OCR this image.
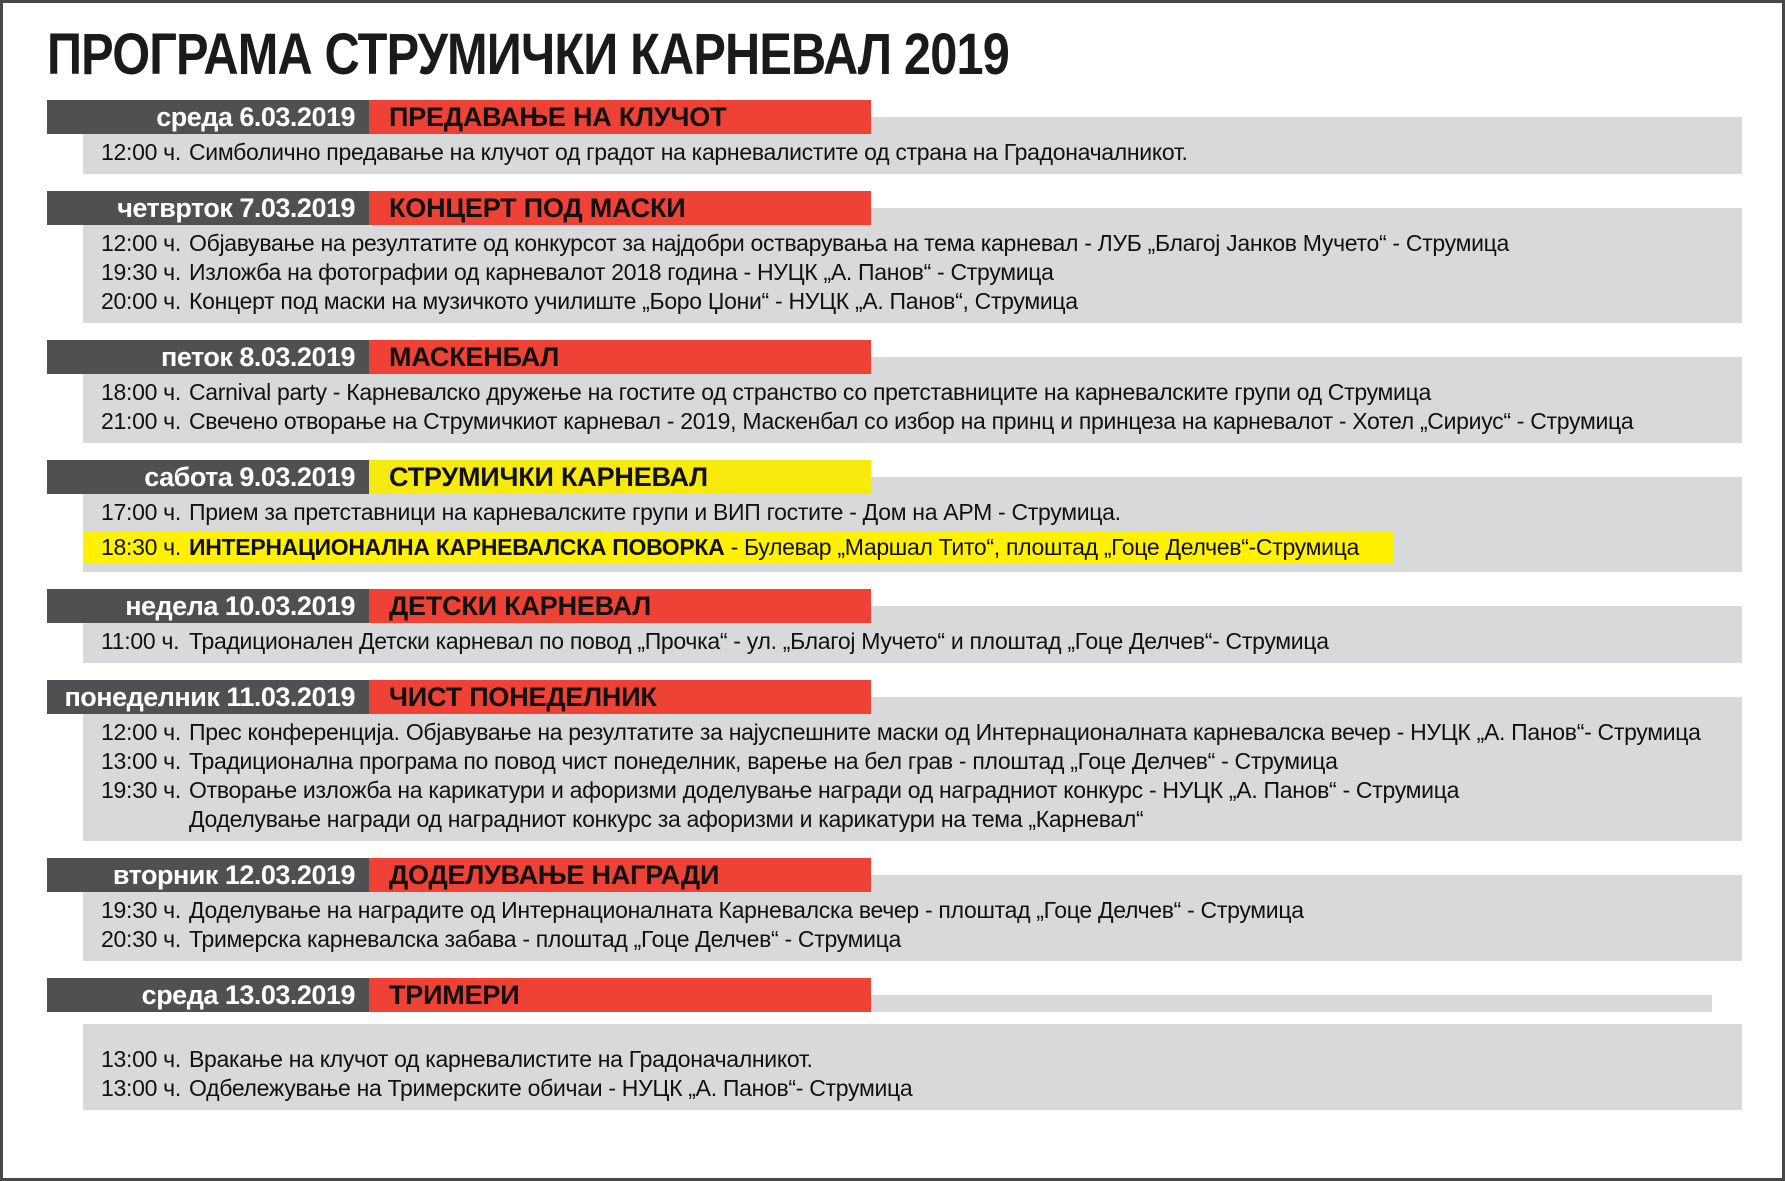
ПРОГРАМА СТРУМИЧКИ КАРНЕВАЛ 2019
среда 6.03.2019	ПРЕДАВАЊЕ НА КЛУЧОТ
12:00 ч. Симболично предавање на клучот од градот на карневалистите од страна на Градоначалникот.
четврток 7.03.2019	КОНЦЕРТ ПОД МАСКИ
12:00 ч. Објавување на резултатите од конкурсот за најдобри остварувања на тема карневал - ЛУБ „Благој Јанков Мучето“ - Струмица
19:30 ч. Изложба на фотографии од карневалот 2018 година - НУЦК „А. Панов“ - Струмица
20:00 ч. Концерт под маски на музичкото училиште „Боро Џони“ - НУЦК „А. Панов“, Струмица
петок 8.03.2019	МАСКЕНБАЛ
18:00 ч. Carnival party - Карневалско дружење на гостите од странство со претставниците на карневалските групи од Струмица
21:00 ч. Свечено отворање на Струмичкиот карневал - 2019, Маскенбал со избор на принц и принцеза на карневалот - Хотел „Сириус“ - Струмица
сабота 9.03.2019	СТРУМИЧКИ КАРНЕВАЛ
17:00 ч. Прием за претставници на карневалските групи и ВИП гостите - Дом на АРМ - Струмица.
18:30 ч. ИНТЕРНАЦИОНАЛНА КАРНЕВАЛСКА ПОВОРКА - Булевар „Маршал Тито“, плоштад „Гоце Делчев“-Струмица
недела 10.03.2019	ДЕТСКИ КАРНЕВАЛ
11:00 ч. Традиционален Детски карневал по повод „Прочка“ - ул. „Благој Мучето“ и плоштад „Гоце Делчев“- Струмица
понеделник 11.03.2019	ЧИСТ ПОНЕДЕЛНИК
12:00 ч. Прес конференција. Објавување на резултатите за најуспешните маски од Интернационалната карневалска вечер - НУЦК „А. Панов“- Струмица
13:00 ч. Традиционална програма по повод чист понеделник, варење на бел грав - плоштад „Гоце Делчев“ - Струмица
19:30 ч. Отворање изложба на карикатури и афоризми доделување награди од наградниот конкурс - НУЦК „А. Панов“ - Струмица
Доделување награди од наградниот конкурс за афоризми и карикатури на тема „Карневал“
вторник 12.03.2019	ДОДЕЛУВАЊЕ НАГРАДИ
19:30 ч. Доделување на наградите од Интернационалната Карневалска вечер - плоштад „Гоце Делчев“ - Струмица
20:30 ч. Тримерска карневалска забава - плоштад „Гоце Делчев“ - Струмица
среда 13.03.2019	ТРИМЕРИ
13:00 ч. Вракање на клучот од карневалистите на Градоначалникот.
13:00 ч. Одбележување на Тримерските обичаи - НУЦК „А. Панов“- Струмица
